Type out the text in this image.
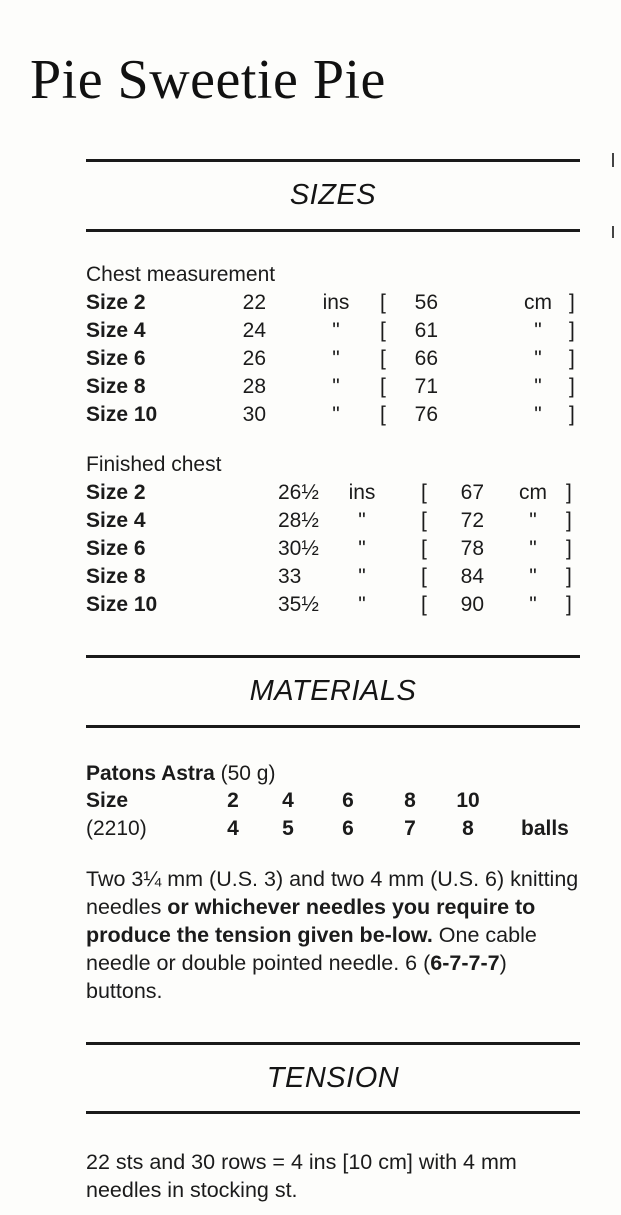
Pie Sweetie Pie
SIZES
Chest measurement
Size 2	22	ins [	56	cm ]
Size 4	24	"	[	61	"	]
Size 6	26	"	[	66	"	]
Size 8	28	"	[	71	"	]
Size 10	30	"	[	76	"	]
Finished chest
Size 2	26½	ins [	67 cm ]
Size 4	28½	"	[	72	"	]
Size 6	30½	"	[	78	"	]
Size 8	33	"	[	84	"	]
Size 10	35½	"	[	90	"	]
MATERIALS
Patons Astra (50 g)
Size	2	4	6	8	10
(2210)	4	5	6	7	8	balls
Two 3¼ mm (U.S. 3) and two 4 mm (U.S. 6) knitting needles or whichever needles you require to produce the tension given be-low. One cable needle or double pointed needle. 6 (6-7-7-7) buttons.
TENSION
22 sts and 30 rows = 4 ins [10 cm] with 4 mm needles in stocking st.
